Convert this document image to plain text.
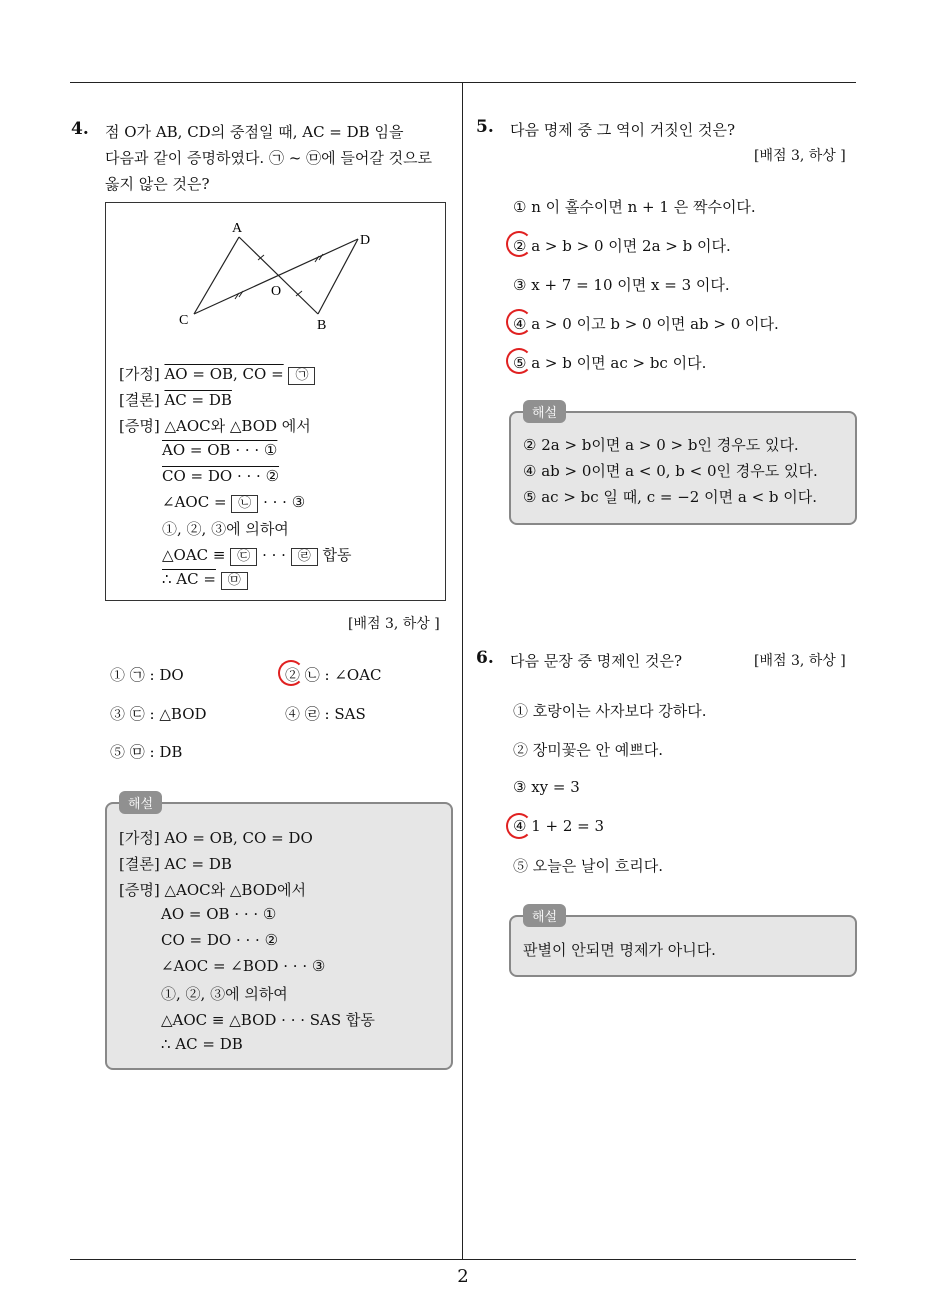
4. 점 O가 AB, CD의 중점일 때, AC = DB 임을
다음과 같이 증명하였다. ㉠ ~ ㉤에 들어갈 것으로
옳지 않은 것은?
A
D
O
C	B
[가정] AO = OB, CO = ㉠
[결론] AC = DB
[증명] △AOC와 △BOD 에서
AO = OB · · · ①
CO = DO · · · ②
∠AOC = ㉡ · · · ③
①, ②, ③에 의하여
△OAC ≡ ㉢ · · · ㉣ 합동
∴ AC = ㉤
[배점 3, 하상 ]
① ㉠ : DO	② ㉡ : ∠OAC
③ ㉢ : △BOD	④ ㉣ : SAS
⑤ ㉤ : DB
해설
[가정] AO = OB, CO = DO
[결론] AC = DB
[증명] △AOC와 △BOD에서
AO = OB · · · ①
CO = DO · · · ②
∠AOC = ∠BOD · · · ③
①, ②, ③에 의하여
△AOC ≡ △BOD · · · SAS 합동
∴ AC = DB
5. 다음 명제 중 그 역이 거짓인 것은?
[배점 3, 하상 ]
① n 이 홀수이면 n + 1 은 짝수이다.
② a > b > 0 이면 2a > b 이다.
③ x + 7 = 10 이면 x = 3 이다.
④ a > 0 이고 b > 0 이면 ab > 0 이다.
⑤ a > b 이면 ac > bc 이다.
해설
② 2a > b이면 a > 0 > b인 경우도 있다.
④ ab > 0이면 a < 0, b < 0인 경우도 있다.
⑤ ac > bc 일 때, c = −2 이면 a < b 이다.
6. 다음 문장 중 명제인 것은?	[배점 3, 하상 ]
① 호랑이는 사자보다 강하다.
② 장미꽃은 안 예쁘다.
③ xy = 3
④ 1 + 2 = 3
⑤ 오늘은 날이 흐리다.
해설
판별이 안되면 명제가 아니다.
2
